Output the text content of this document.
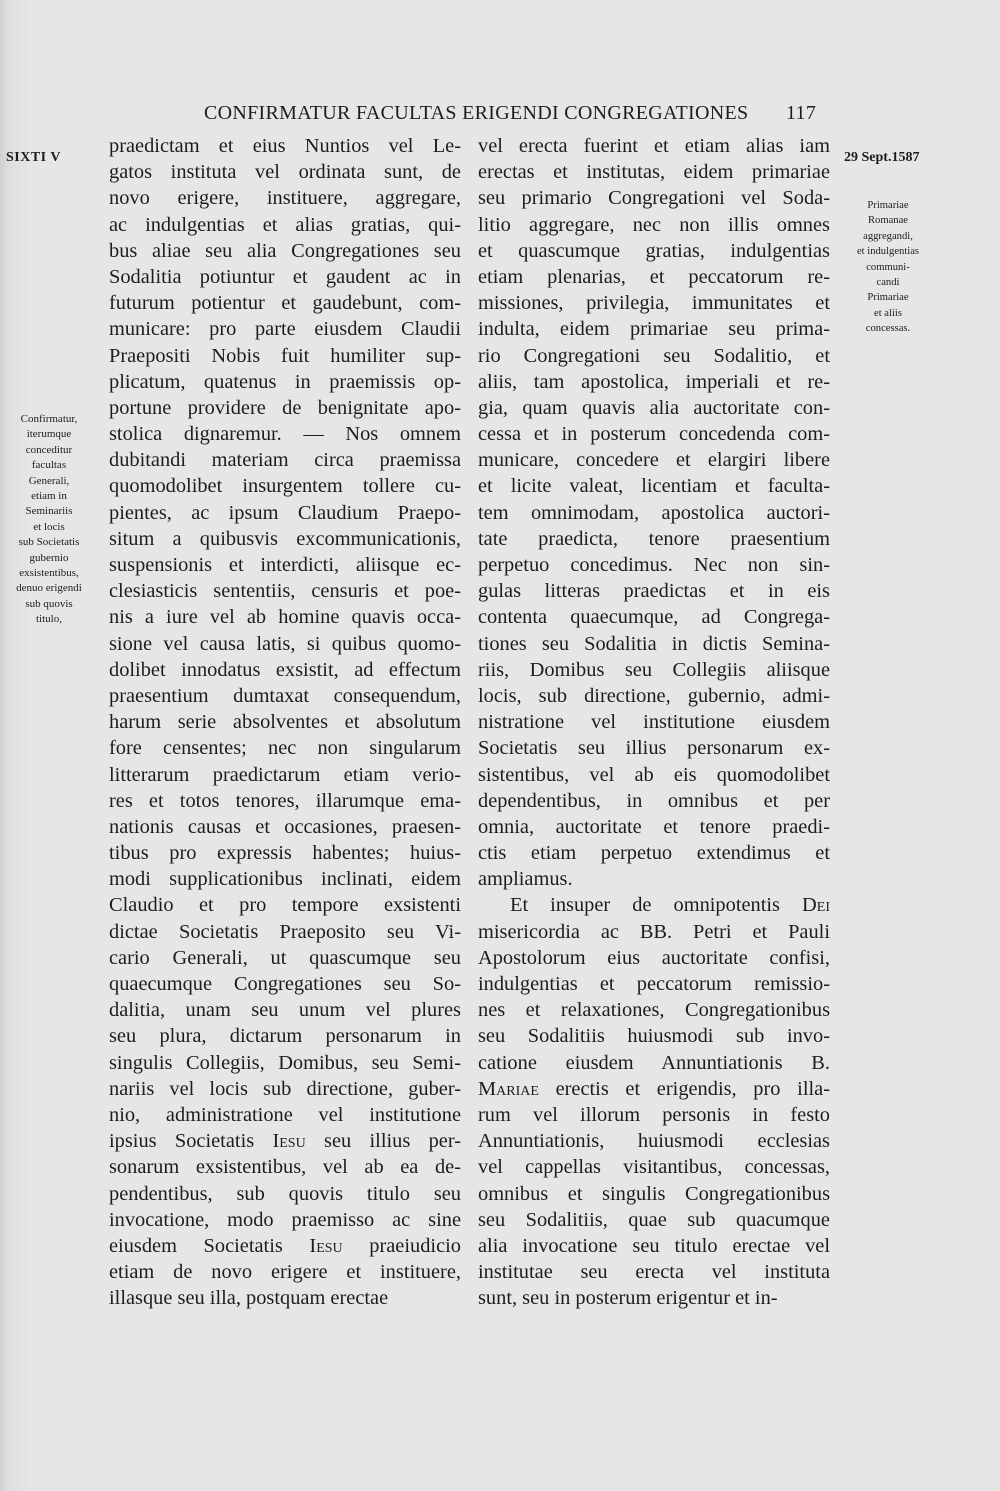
CONFIRMATUR FACULTAS ERIGENDI CONGREGATIONES 117
SIXTI V
Confirmatur,
iterumque
conceditur
facultas
Generali,
etiam in
Seminariis
et locis
sub Societatis
gubernio
exsistentibus,
denuo erigendi
sub quovis
titulo,
29 Sept.1587
Primariae
Romanae
aggregandi,
et indulgentias
communi-
candi
Primariae
et aliis
concessas.
praedictam et eius Nuntios vel Le-
gatos instituta vel ordinata sunt, de
novo erigere, instituere, aggregare,
ac indulgentias et alias gratias, qui-
bus aliae seu alia Congregationes seu
Sodalitia potiuntur et gaudent ac in
futurum potientur et gaudebunt, com-
municare: pro parte eiusdem Claudii
Praepositi Nobis fuit humiliter sup-
plicatum, quatenus in praemissis op-
portune providere de benignitate apo-
stolica dignaremur. — Nos omnem
dubitandi materiam circa praemissa
quomodolibet insurgentem tollere cu-
pientes, ac ipsum Claudium Praepo-
situm a quibusvis excommunicationis,
suspensionis et interdicti, aliisque ec-
clesiasticis sententiis, censuris et poe-
nis a iure vel ab homine quavis occa-
sione vel causa latis, si quibus quomo-
dolibet innodatus exsistit, ad effectum
praesentium dumtaxat consequendum,
harum serie absolventes et absolutum
fore censentes; nec non singularum
litterarum praedictarum etiam verio-
res et totos tenores, illarumque ema-
nationis causas et occasiones, praesen-
tibus pro expressis habentes; huius-
modi supplicationibus inclinati, eidem
Claudio et pro tempore exsistenti
dictae Societatis Praeposito seu Vi-
cario Generali, ut quascumque seu
quaecumque Congregationes seu So-
dalitia, unam seu unum vel plures
seu plura, dictarum personarum in
singulis Collegiis, Domibus, seu Semi-
nariis vel locis sub directione, guber-
nio, administratione vel institutione
ipsius Societatis Iesu seu illius per-
sonarum exsistentibus, vel ab ea de-
pendentibus, sub quovis titulo seu
invocatione, modo praemisso ac sine
eiusdem Societatis Iesu praeiudicio
etiam de novo erigere et instituere,
illasque seu illa, postquam erectae
vel erecta fuerint et etiam alias iam
erectas et institutas, eidem primariae
seu primario Congregationi vel Soda-
litio aggregare, nec non illis omnes
et quascumque gratias, indulgentias
etiam plenarias, et peccatorum re-
missiones, privilegia, immunitates et
indulta, eidem primariae seu prima-
rio Congregationi seu Sodalitio, et
aliis, tam apostolica, imperiali et re-
gia, quam quavis alia auctoritate con-
cessa et in posterum concedenda com-
municare, concedere et elargiri libere
et licite valeat, licentiam et faculta-
tem omnimodam, apostolica auctori-
tate praedicta, tenore praesentium
perpetuo concedimus. Nec non sin-
gulas litteras praedictas et in eis
contenta quaecumque, ad Congrega-
tiones seu Sodalitia in dictis Semina-
riis, Domibus seu Collegiis aliisque
locis, sub directione, gubernio, admi-
nistratione vel institutione eiusdem
Societatis seu illius personarum ex-
sistentibus, vel ab eis quomodolibet
dependentibus, in omnibus et per
omnia, auctoritate et tenore praedi-
ctis etiam perpetuo extendimus et
ampliamus.
Et insuper de omnipotentis Dei
misericordia ac BB. Petri et Pauli
Apostolorum eius auctoritate confisi,
indulgentias et peccatorum remissio-
nes et relaxationes, Congregationibus
seu Sodalitiis huiusmodi sub invo-
catione eiusdem Annuntiationis B.
Mariae erectis et erigendis, pro illa-
rum vel illorum personis in festo
Annuntiationis, huiusmodi ecclesias
vel cappellas visitantibus, concessas,
omnibus et singulis Congregationibus
seu Sodalitiis, quae sub quacumque
alia invocatione seu titulo erectae vel
institutae seu erecta vel instituta
sunt, seu in posterum erigentur et in-
